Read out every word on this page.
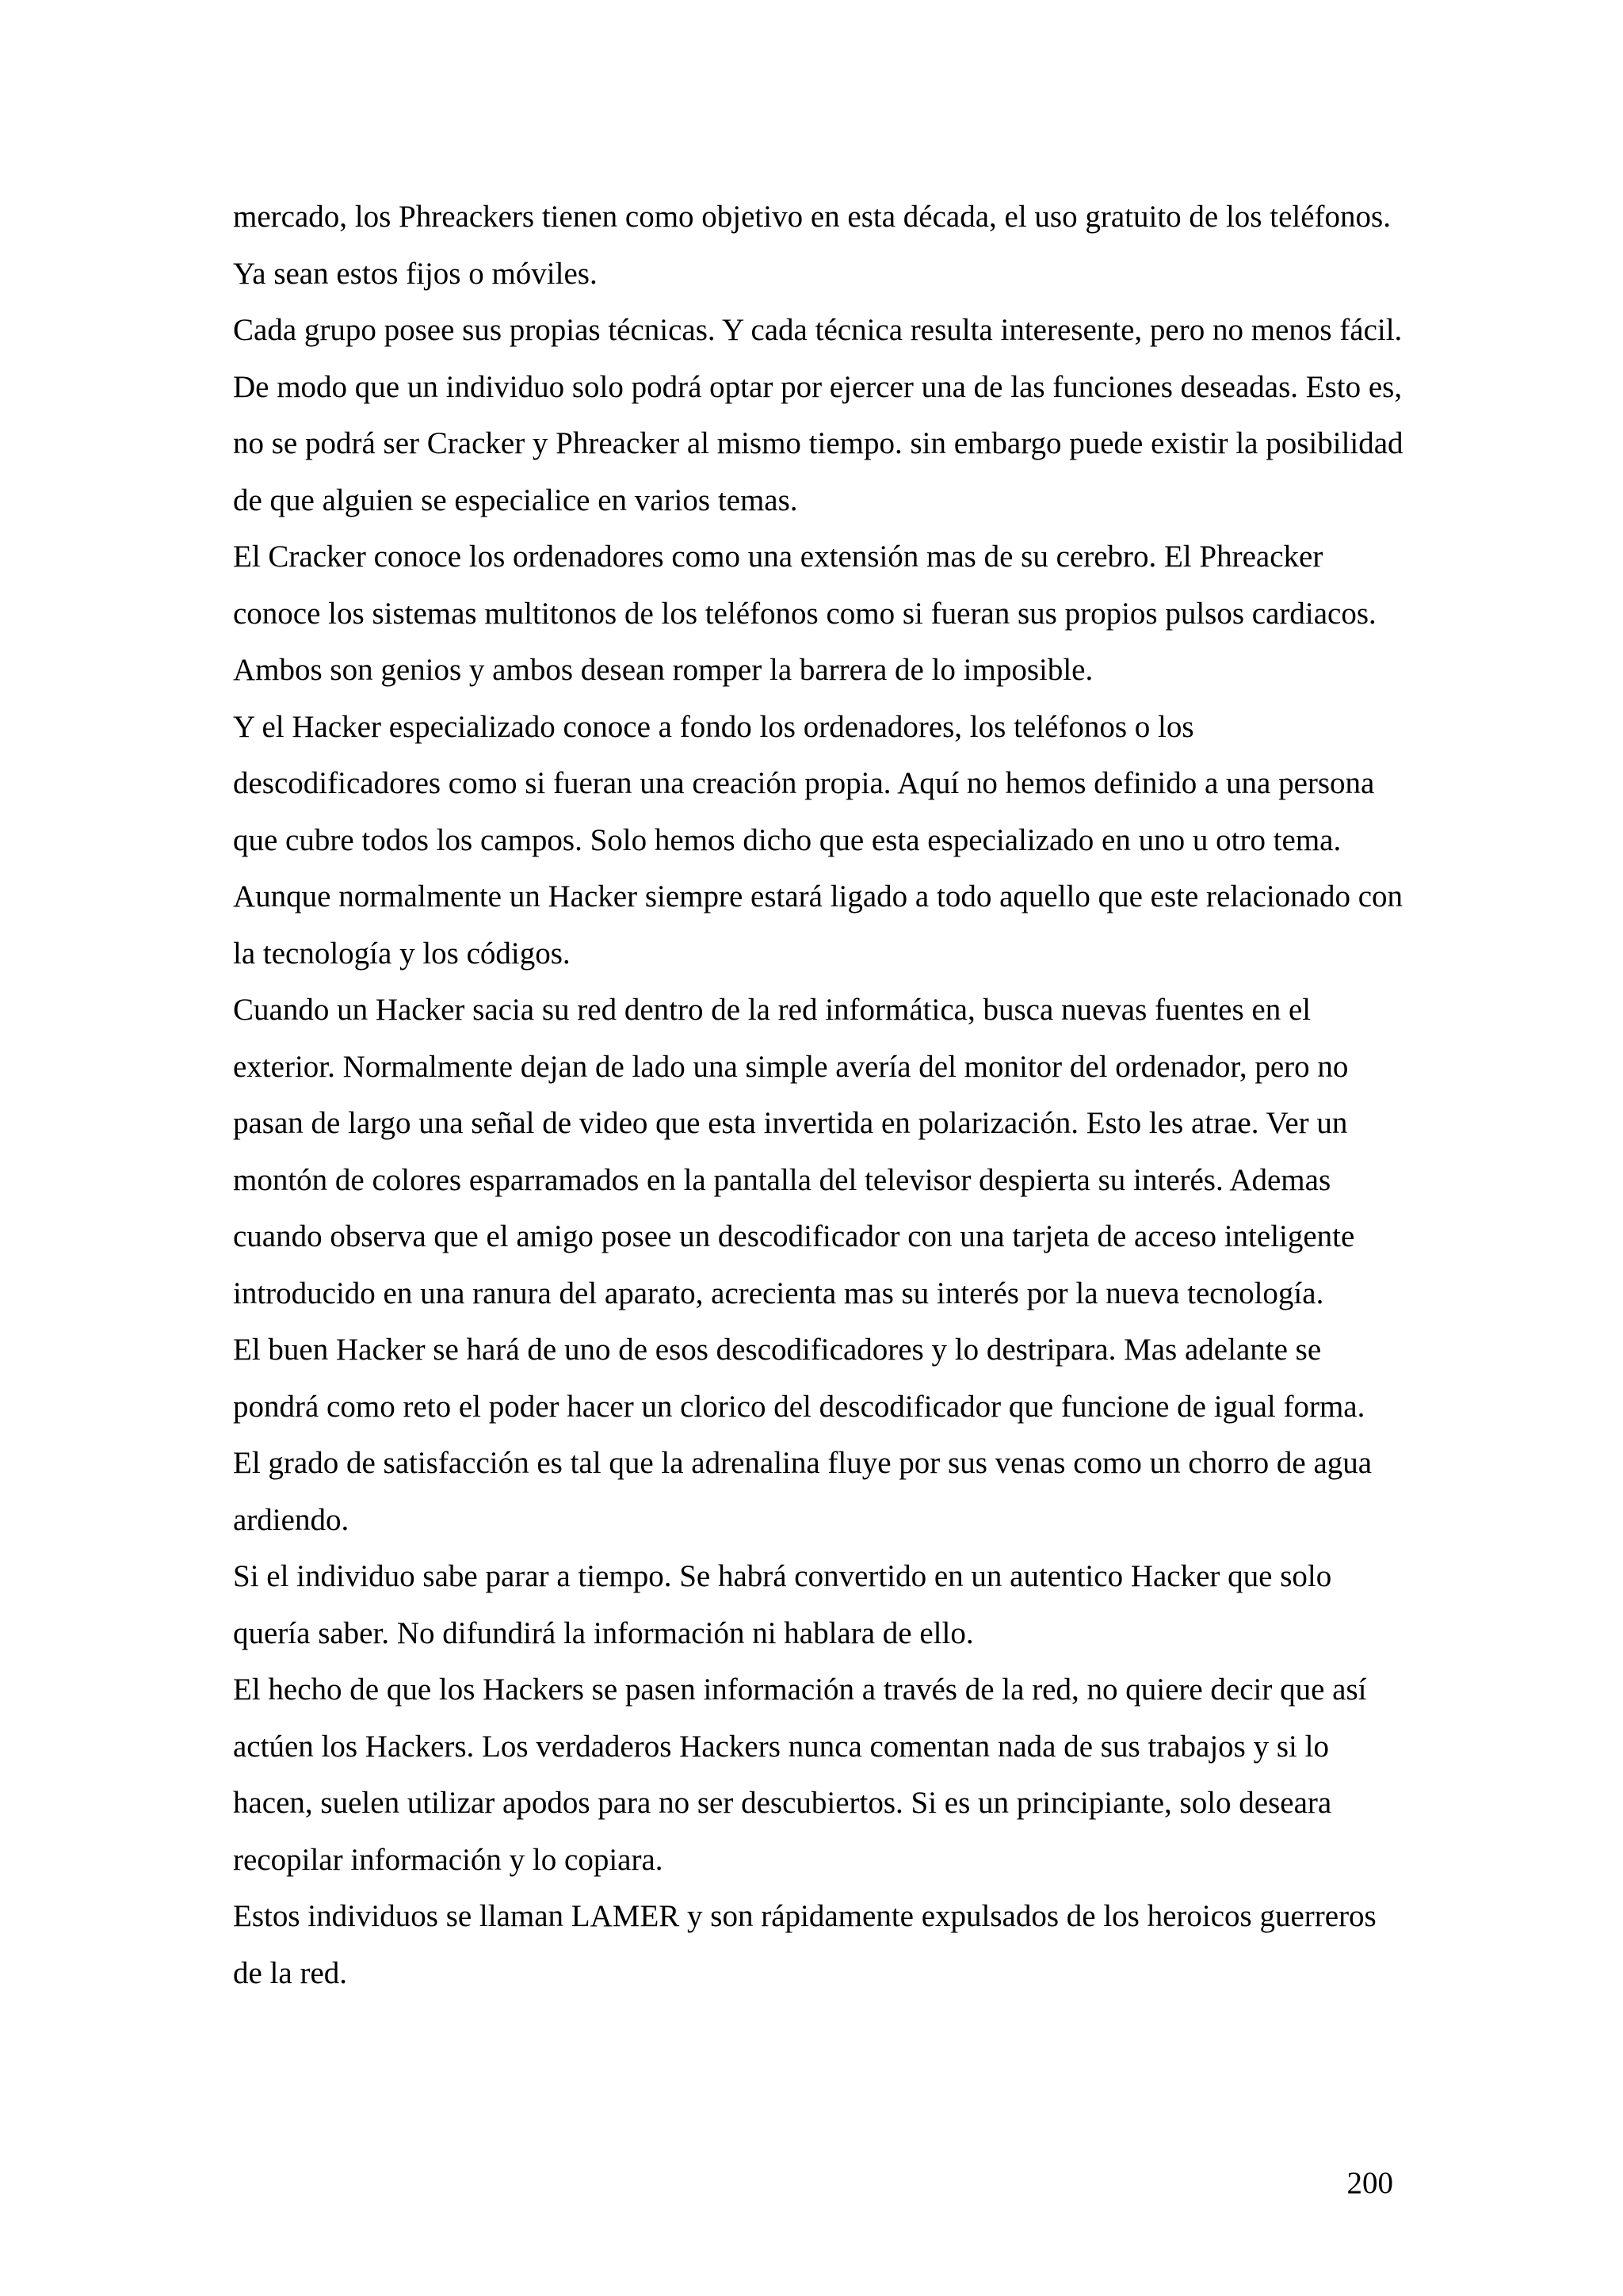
mercado, los Phreackers tienen como objetivo en esta década, el uso gratuito de los teléfonos. Ya sean estos fijos o móviles.

Cada grupo posee sus propias técnicas. Y cada técnica resulta interesente, pero no menos fácil. De modo que un individuo solo podrá optar por ejercer una de las funciones deseadas. Esto es, no se podrá ser Cracker y Phreacker al mismo tiempo. sin embargo puede existir la posibilidad de que alguien se especialice en varios temas.

El Cracker conoce los ordenadores como una extensión mas de su cerebro. El Phreacker conoce los sistemas multitonos de los teléfonos como si fueran sus propios pulsos cardiacos. Ambos son genios y ambos desean romper la barrera de lo imposible.

Y el Hacker especializado conoce a fondo los ordenadores, los teléfonos o los descodificadores como si fueran una creación propia. Aquí no hemos definido a una persona que cubre todos los campos. Solo hemos dicho que esta especializado en uno u otro tema. Aunque normalmente un Hacker siempre estará ligado a todo aquello que este relacionado con la tecnología y los códigos.

Cuando un Hacker sacia su red dentro de la red informática, busca nuevas fuentes en el exterior. Normalmente dejan de lado una simple avería del monitor del ordenador, pero no pasan de largo una señal de video que esta invertida en polarización. Esto les atrae. Ver un montón de colores esparramados en la pantalla del televisor despierta su interés. Ademas cuando observa que el amigo posee un descodificador con una tarjeta de acceso inteligente introducido en una ranura del aparato, acrecienta mas su interés por la nueva tecnología.

El buen Hacker se hará de uno de esos descodificadores y lo destripara. Mas adelante se pondrá como reto el poder hacer un clorico del descodificador que funcione de igual forma.

El grado de satisfacción es tal que la adrenalina fluye por sus venas como un chorro de agua ardiendo.

Si el individuo sabe parar a tiempo. Se habrá convertido en un autentico Hacker que solo quería saber. No difundirá la información ni hablara de ello.

El hecho de que los Hackers se pasen información a través de la red, no quiere decir que así actúen los Hackers. Los verdaderos Hackers nunca comentan nada de sus trabajos y si lo hacen, suelen utilizar apodos para no ser descubiertos. Si es un principiante, solo deseara recopilar información y lo copiara.

Estos individuos se llaman LAMER y son rápidamente expulsados de los heroicos guerreros de la red.

200
